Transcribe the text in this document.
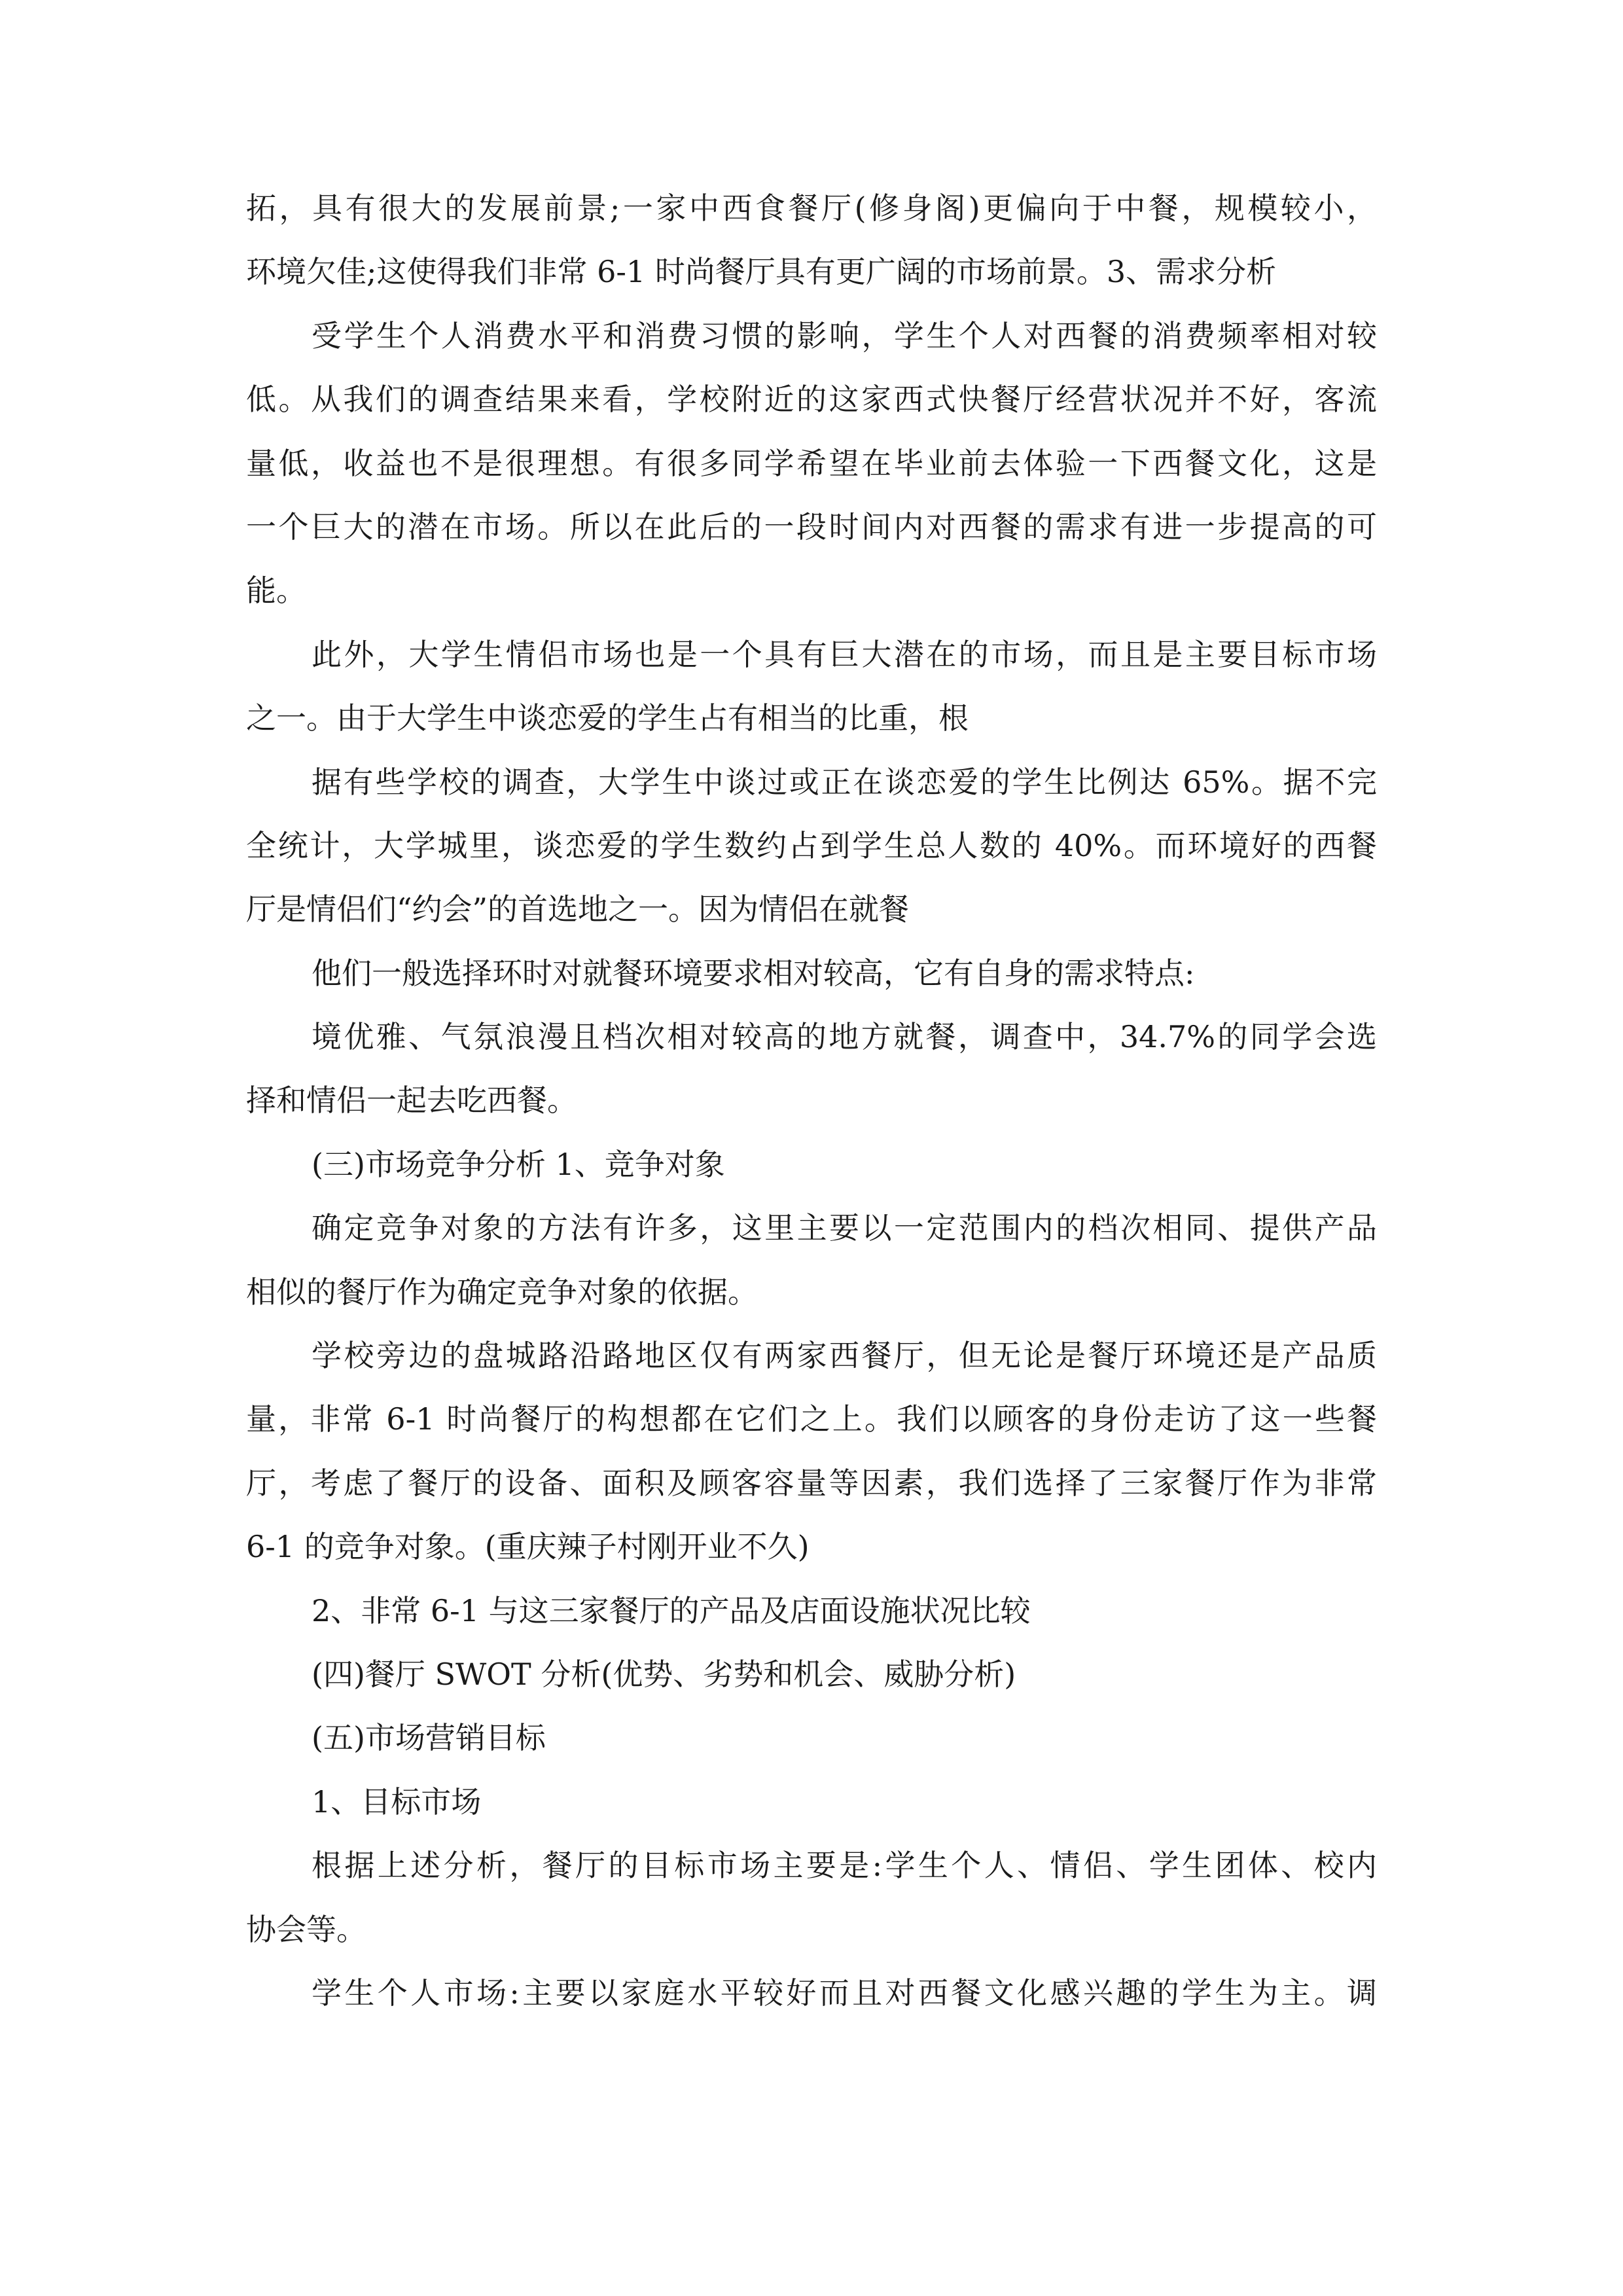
拓，具有很大的发展前景;一家中西食餐厅(修身阁)更偏向于中餐，规模较小，
环境欠佳;这使得我们非常 6-1 时尚餐厅具有更广阔的市场前景。3、需求分析
受学生个人消费水平和消费习惯的影响，学生个人对西餐的消费频率相对较
低。从我们的调查结果来看，学校附近的这家西式快餐厅经营状况并不好，客流
量低，收益也不是很理想。有很多同学希望在毕业前去体验一下西餐文化，这是
一个巨大的潜在市场。所以在此后的一段时间内对西餐的需求有进一步提高的可
能。
此外，大学生情侣市场也是一个具有巨大潜在的市场，而且是主要目标市场
之一。由于大学生中谈恋爱的学生占有相当的比重，根
据有些学校的调查，大学生中谈过或正在谈恋爱的学生比例达 65%。据不完
全统计，大学城里，谈恋爱的学生数约占到学生总人数的 40%。而环境好的西餐
厅是情侣们“约会”的首选地之一。因为情侣在就餐
他们一般选择环时对就餐环境要求相对较高，它有自身的需求特点:
境优雅、气氛浪漫且档次相对较高的地方就餐，调查中，34.7%的同学会选
择和情侣一起去吃西餐。
(三)市场竞争分析 1、竞争对象
确定竞争对象的方法有许多，这里主要以一定范围内的档次相同、提供产品
相似的餐厅作为确定竞争对象的依据。
学校旁边的盘城路沿路地区仅有两家西餐厅，但无论是餐厅环境还是产品质
量，非常 6-1 时尚餐厅的构想都在它们之上。我们以顾客的身份走访了这一些餐
厅，考虑了餐厅的设备、面积及顾客容量等因素，我们选择了三家餐厅作为非常
6-1 的竞争对象。(重庆辣子村刚开业不久)
2、非常 6-1 与这三家餐厅的产品及店面设施状况比较
(四)餐厅 SWOT 分析(优势、劣势和机会、威胁分析)
(五)市场营销目标
1、目标市场
根据上述分析，餐厅的目标市场主要是:学生个人、情侣、学生团体、校内
协会等。
学生个人市场:主要以家庭水平较好而且对西餐文化感兴趣的学生为主。调
